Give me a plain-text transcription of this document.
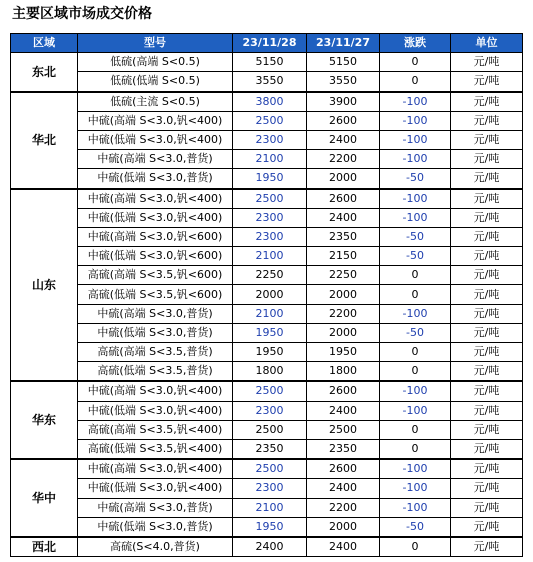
主要区域市场成交价格
区域	型号	23/11/28	23/11/27	涨跌	单位
东北	低硫(高端 S<0.5)	5150	5150	0	元/吨
	低硫(低端 S<0.5)	3550	3550	0	元/吨
华北	低硫(主流 S<0.5)	3800	3900	-100	元/吨
	中硫(高端 S<3.0,钒<400)	2500	2600	-100	元/吨
	中硫(低端 S<3.0,钒<400)	2300	2400	-100	元/吨
	中硫(高端 S<3.0,普货)	2100	2200	-100	元/吨
	中硫(低端 S<3.0,普货)	1950	2000	-50	元/吨
山东	中硫(高端 S<3.0,钒<400)	2500	2600	-100	元/吨
	中硫(低端 S<3.0,钒<400)	2300	2400	-100	元/吨
	中硫(高端 S<3.0,钒<600)	2300	2350	-50	元/吨
	中硫(低端 S<3.0,钒<600)	2100	2150	-50	元/吨
	高硫(高端 S<3.5,钒<600)	2250	2250	0	元/吨
	高硫(低端 S<3.5,钒<600)	2000	2000	0	元/吨
	中硫(高端 S<3.0,普货)	2100	2200	-100	元/吨
	中硫(低端 S<3.0,普货)	1950	2000	-50	元/吨
	高硫(高端 S<3.5,普货)	1950	1950	0	元/吨
	高硫(低端 S<3.5,普货)	1800	1800	0	元/吨
华东	中硫(高端 S<3.0,钒<400)	2500	2600	-100	元/吨
	中硫(低端 S<3.0,钒<400)	2300	2400	-100	元/吨
	高硫(高端 S<3.5,钒<400)	2500	2500	0	元/吨
	高硫(低端 S<3.5,钒<400)	2350	2350	0	元/吨
华中	中硫(高端 S<3.0,钒<400)	2500	2600	-100	元/吨
	中硫(低端 S<3.0,钒<400)	2300	2400	-100	元/吨
	中硫(高端 S<3.0,普货)	2100	2200	-100	元/吨
	中硫(低端 S<3.0,普货)	1950	2000	-50	元/吨
西北	高硫(S<4.0,普货)	2400	2400	0	元/吨
